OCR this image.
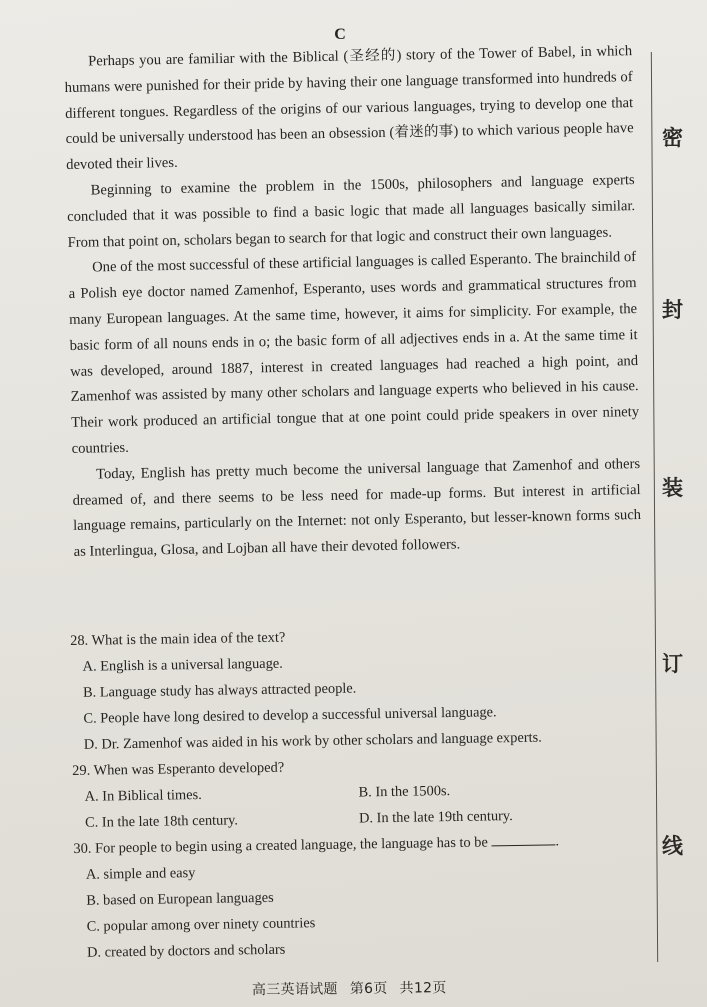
C

Perhaps you are familiar with the Biblical (圣经的) story of the Tower of Babel, in which humans were punished for their pride by having their one language transformed into hundreds of different tongues. Regardless of the origins of our various languages, trying to develop one that could be universally understood has been an obsession (着迷的事) to which various people have devoted their lives.

Beginning to examine the problem in the 1500s, philosophers and language experts concluded that it was possible to find a basic logic that made all languages basically similar. From that point on, scholars began to search for that logic and construct their own languages.

One of the most successful of these artificial languages is called Esperanto. The brainchild of a Polish eye doctor named Zamenhof, Esperanto, uses words and grammatical structures from many European languages. At the same time, however, it aims for simplicity. For example, the basic form of all nouns ends in o; the basic form of all adjectives ends in a. At the same time it was developed, around 1887, interest in created languages had reached a high point, and Zamenhof was assisted by many other scholars and language experts who believed in his cause. Their work produced an artificial tongue that at one point could pride speakers in over ninety countries.

Today, English has pretty much become the universal language that Zamenhof and others dreamed of, and there seems to be less need for made-up forms. But interest in artificial language remains, particularly on the Internet: not only Esperanto, but lesser-known forms such as Interlingua, Glosa, and Lojban all have their devoted followers.

28. What is the main idea of the text?

A. English is a universal language.

B. Language study has always attracted people.

C. People have long desired to develop a successful universal language.

D. Dr. Zamenhof was aided in his work by other scholars and language experts.

29. When was Esperanto developed?

A. In Biblical times.	B. In the 1500s.

C. In the late 18th century.	D. In the late 19th century.

30. For people to begin using a created language, the language has to be	.

A. simple and easy

B. based on European languages

C. popular among over ninety countries

D. created by doctors and scholars

密
封
装
订
线
高三英语试题 第6页 共12页
